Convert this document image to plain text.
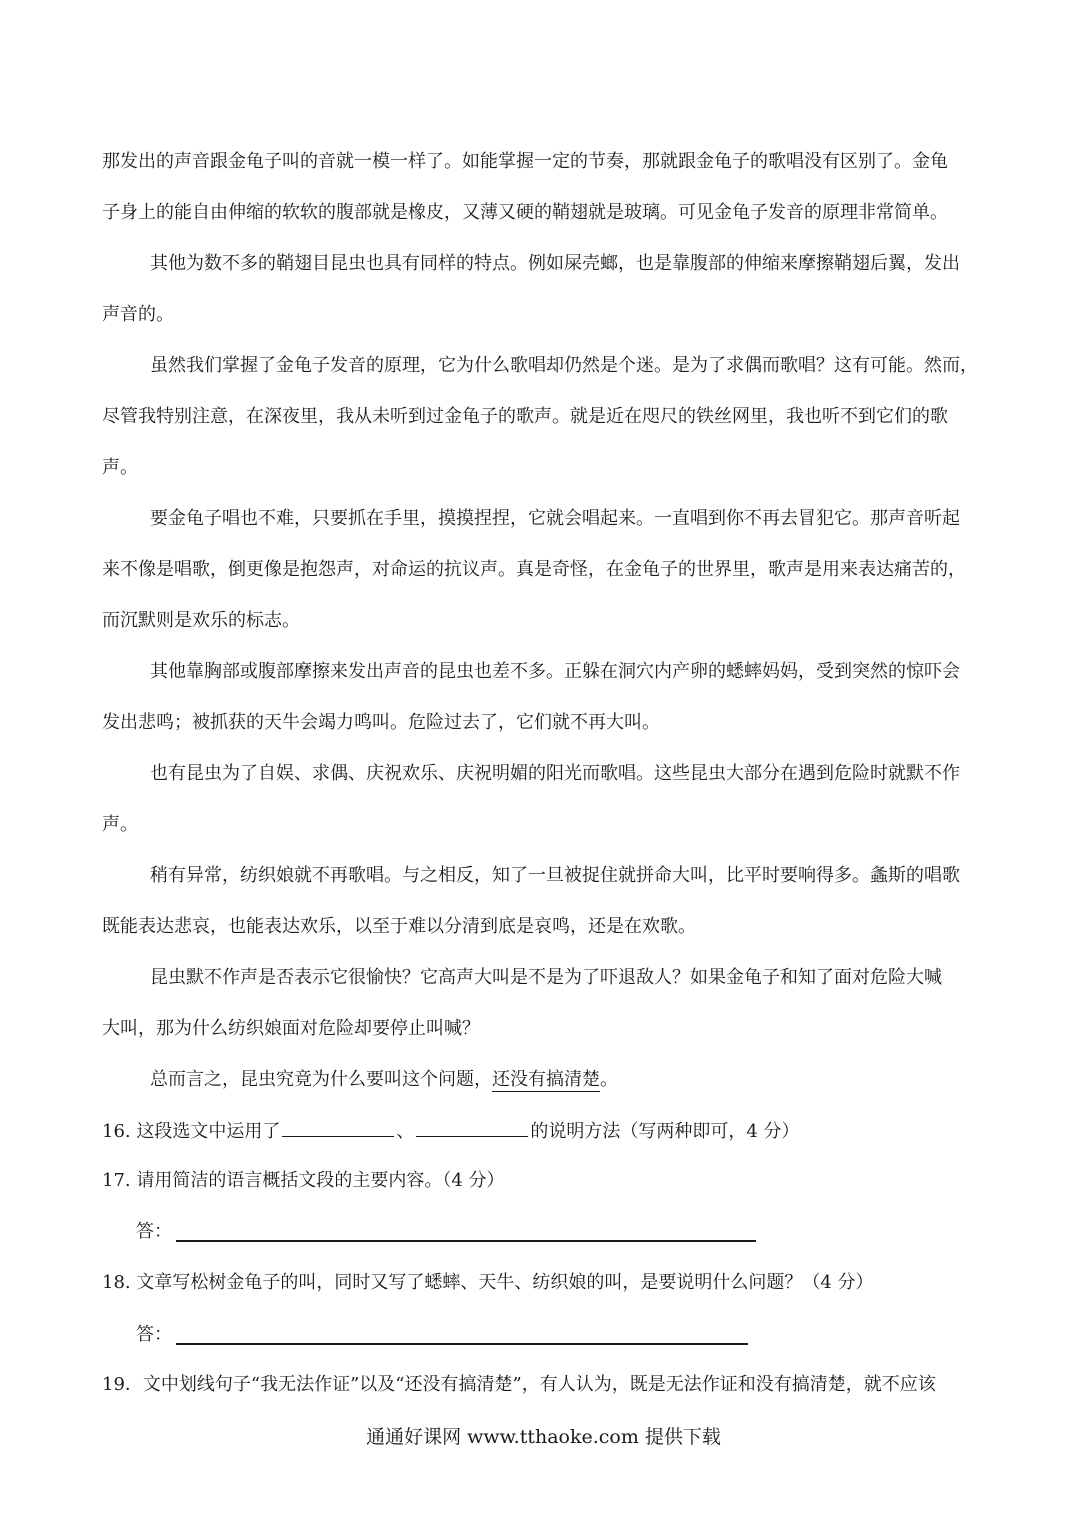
那发出的声音跟金龟子叫的音就一模一样了。如能掌握一定的节奏，那就跟金龟子的歌唱没有区别了。金龟
子身上的能自由伸缩的软软的腹部就是橡皮，又薄又硬的鞘翅就是玻璃。可见金龟子发音的原理非常简单。
其他为数不多的鞘翅目昆虫也具有同样的特点。例如屎壳螂，也是靠腹部的伸缩来摩擦鞘翅后翼，发出
声音的。
虽然我们掌握了金龟子发音的原理，它为什么歌唱却仍然是个迷。是为了求偶而歌唱？这有可能。然而，
尽管我特别注意，在深夜里，我从未听到过金龟子的歌声。就是近在咫尺的铁丝网里，我也听不到它们的歌
声。
要金龟子唱也不难，只要抓在手里，摸摸捏捏，它就会唱起来。一直唱到你不再去冒犯它。那声音听起
来不像是唱歌，倒更像是抱怨声，对命运的抗议声。真是奇怪，在金龟子的世界里，歌声是用来表达痛苦的，
而沉默则是欢乐的标志。
其他靠胸部或腹部摩擦来发出声音的昆虫也差不多。正躲在洞穴内产卵的蟋蟀妈妈，受到突然的惊吓会
发出悲鸣；被抓获的天牛会竭力鸣叫。危险过去了，它们就不再大叫。
也有昆虫为了自娱、求偶、庆祝欢乐、庆祝明媚的阳光而歌唱。这些昆虫大部分在遇到危险时就默不作
声。
稍有异常，纺织娘就不再歌唱。与之相反，知了一旦被捉住就拼命大叫，比平时要响得多。螽斯的唱歌
既能表达悲哀，也能表达欢乐，以至于难以分清到底是哀鸣，还是在欢歌。
昆虫默不作声是否表示它很愉快？它高声大叫是不是为了吓退敌人？如果金龟子和知了面对危险大喊
大叫，那为什么纺织娘面对危险却要停止叫喊？
总而言之，昆虫究竟为什么要叫这个问题，还没有搞清楚。
16. 这段选文中运用了	、	的说明方法（写两种即可，4 分）
17. 请用简洁的语言概括文段的主要内容。（4 分）
答：
18. 文章写松树金龟子的叫，同时又写了蟋蟀、天牛、纺织娘的叫，是要说明什么问题？（4 分）
答：
19．文中划线句子“我无法作证”以及“还没有搞清楚”，有人认为，既是无法作证和没有搞清楚，就不应该
通通好课网 www.tthaoke.com 提供下载
